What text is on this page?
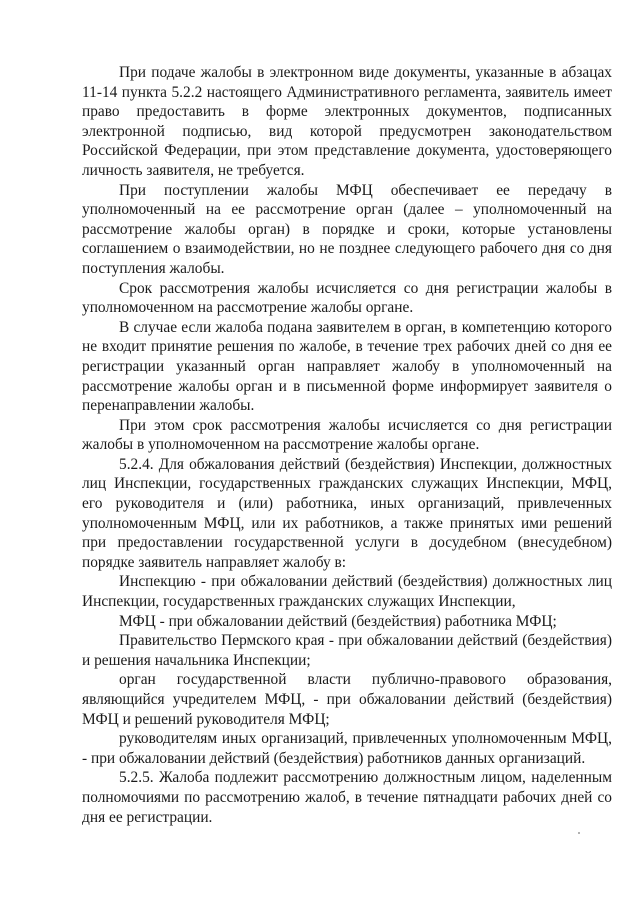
При подаче жалобы в электронном виде документы, указанные в абзацах 11-14 пункта 5.2.2 настоящего Административного регламента, заявитель имеет право предоставить в форме электронных документов, подписанных электронной подписью, вид которой предусмотрен законодательством Российской Федерации, при этом представление документа, удостоверяющего личность заявителя, не требуется.

При поступлении жалобы МФЦ обеспечивает ее передачу в уполномоченный на ее рассмотрение орган (далее – уполномоченный на рассмотрение жалобы орган) в порядке и сроки, которые установлены соглашением о взаимодействии, но не позднее следующего рабочего дня со дня поступления жалобы.

Срок рассмотрения жалобы исчисляется со дня регистрации жалобы в уполномоченном на рассмотрение жалобы органе.

В случае если жалоба подана заявителем в орган, в компетенцию которого не входит принятие решения по жалобе, в течение трех рабочих дней со дня ее регистрации указанный орган направляет жалобу в уполномоченный на рассмотрение жалобы орган и в письменной форме информирует заявителя о перенаправлении жалобы.

При этом срок рассмотрения жалобы исчисляется со дня регистрации жалобы в уполномоченном на рассмотрение жалобы органе.

5.2.4. Для обжалования действий (бездействия) Инспекции, должностных лиц Инспекции, государственных гражданских служащих Инспекции, МФЦ, его руководителя и (или) работника, иных организаций, привлеченных уполномоченным МФЦ, или их работников, а также принятых ими решений при предоставлении государственной услуги в досудебном (внесудебном) порядке заявитель направляет жалобу в:

Инспекцию - при обжаловании действий (бездействия) должностных лиц Инспекции, государственных гражданских служащих Инспекции,

МФЦ - при обжаловании действий (бездействия) работника МФЦ;

Правительство Пермского края - при обжаловании действий (бездействия) и решения начальника Инспекции;

орган государственной власти публично-правового образования, являющийся учредителем МФЦ, - при обжаловании действий (бездействия) МФЦ и решений руководителя МФЦ;

руководителям иных организаций, привлеченных уполномоченным МФЦ, - при обжаловании действий (бездействия) работников данных организаций.

5.2.5. Жалоба подлежит рассмотрению должностным лицом, наделенным полномочиями по рассмотрению жалоб, в течение пятнадцати рабочих дней со дня ее регистрации.
